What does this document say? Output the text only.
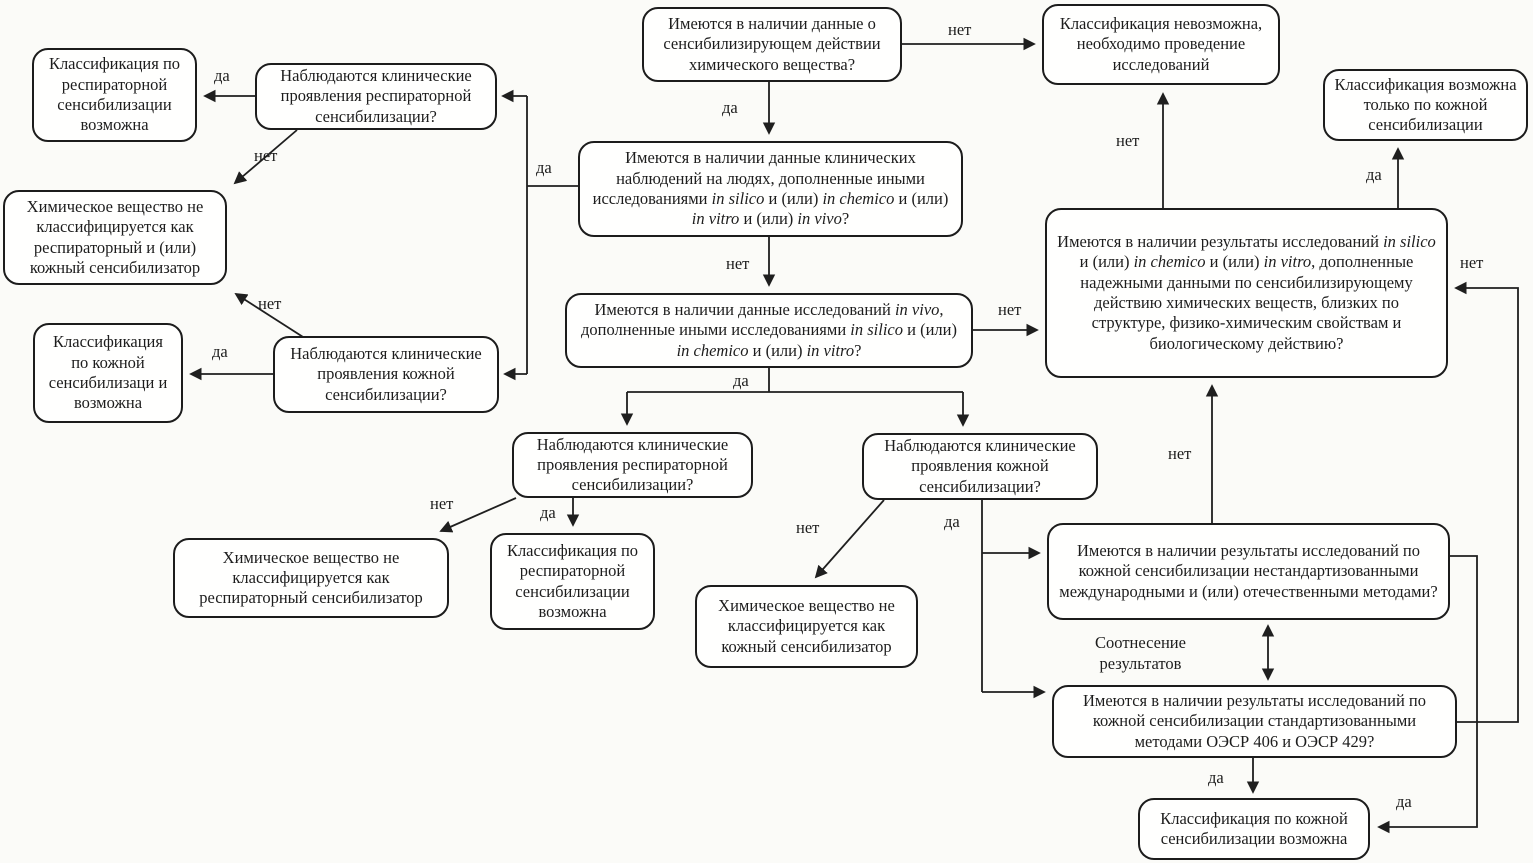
Имеются в наличии данные о сенсибилизирующем действии химического вещества?
Классификация невозможна, необходимо проведение исследований
Классификация возможна только по кожной сенсибилизации
Имеются в наличии данные клинических наблюдений на людях, дополненные иными исследованиями in silico и (или) in chemico и (или) in vitro и (или) in vivo?
Имеются в наличии данные исследований in vivo, дополненные иными исследованиями in silico и (или) in chemico и (или) in vitro?
Классификация по респираторной сенсибилизации возможна
Наблюдаются клинические проявления респираторной сенсибилизации?
Химическое вещество не классифицируется как респираторный и (или) кожный сенсибилизатор
Классификация по кожной сенсибилизаци и возможна
Наблюдаются клинические проявления кожной сенсибилизации?
Наблюдаются клинические проявления респираторной сенсибилизации?
Наблюдаются клинические проявления кожной сенсибилизации?
Химическое вещество не классифицируется как респираторный сенсибилизатор
Классификация по респираторной сенсибилизации возможна	Химическое вещество не классифицируется как кожный сенсибилизатор
Имеются в наличии результаты исследований in silico и (или) in chemico и (или) in vitro, дополненные надежными данными по сенсибилизирующему действию химических веществ, близких по структуре, физико-химическим свойствам и биологическому действию?
Имеются в наличии результаты исследований по кожной сенсибилизации нестандартизованными международными и (или) отечественными методами?
Имеются в наличии результаты исследований по кожной сенсибилизации стандартизованными методами ОЭСР 406 и ОЭСР 429?
Классификация по кожной сенсибилизации возможна
Соотнесение результатов
нет
да
да
нет
нет
да
да
нет
да
нет
да
нет
нет	да
нет
нет
да
да
нет
да
